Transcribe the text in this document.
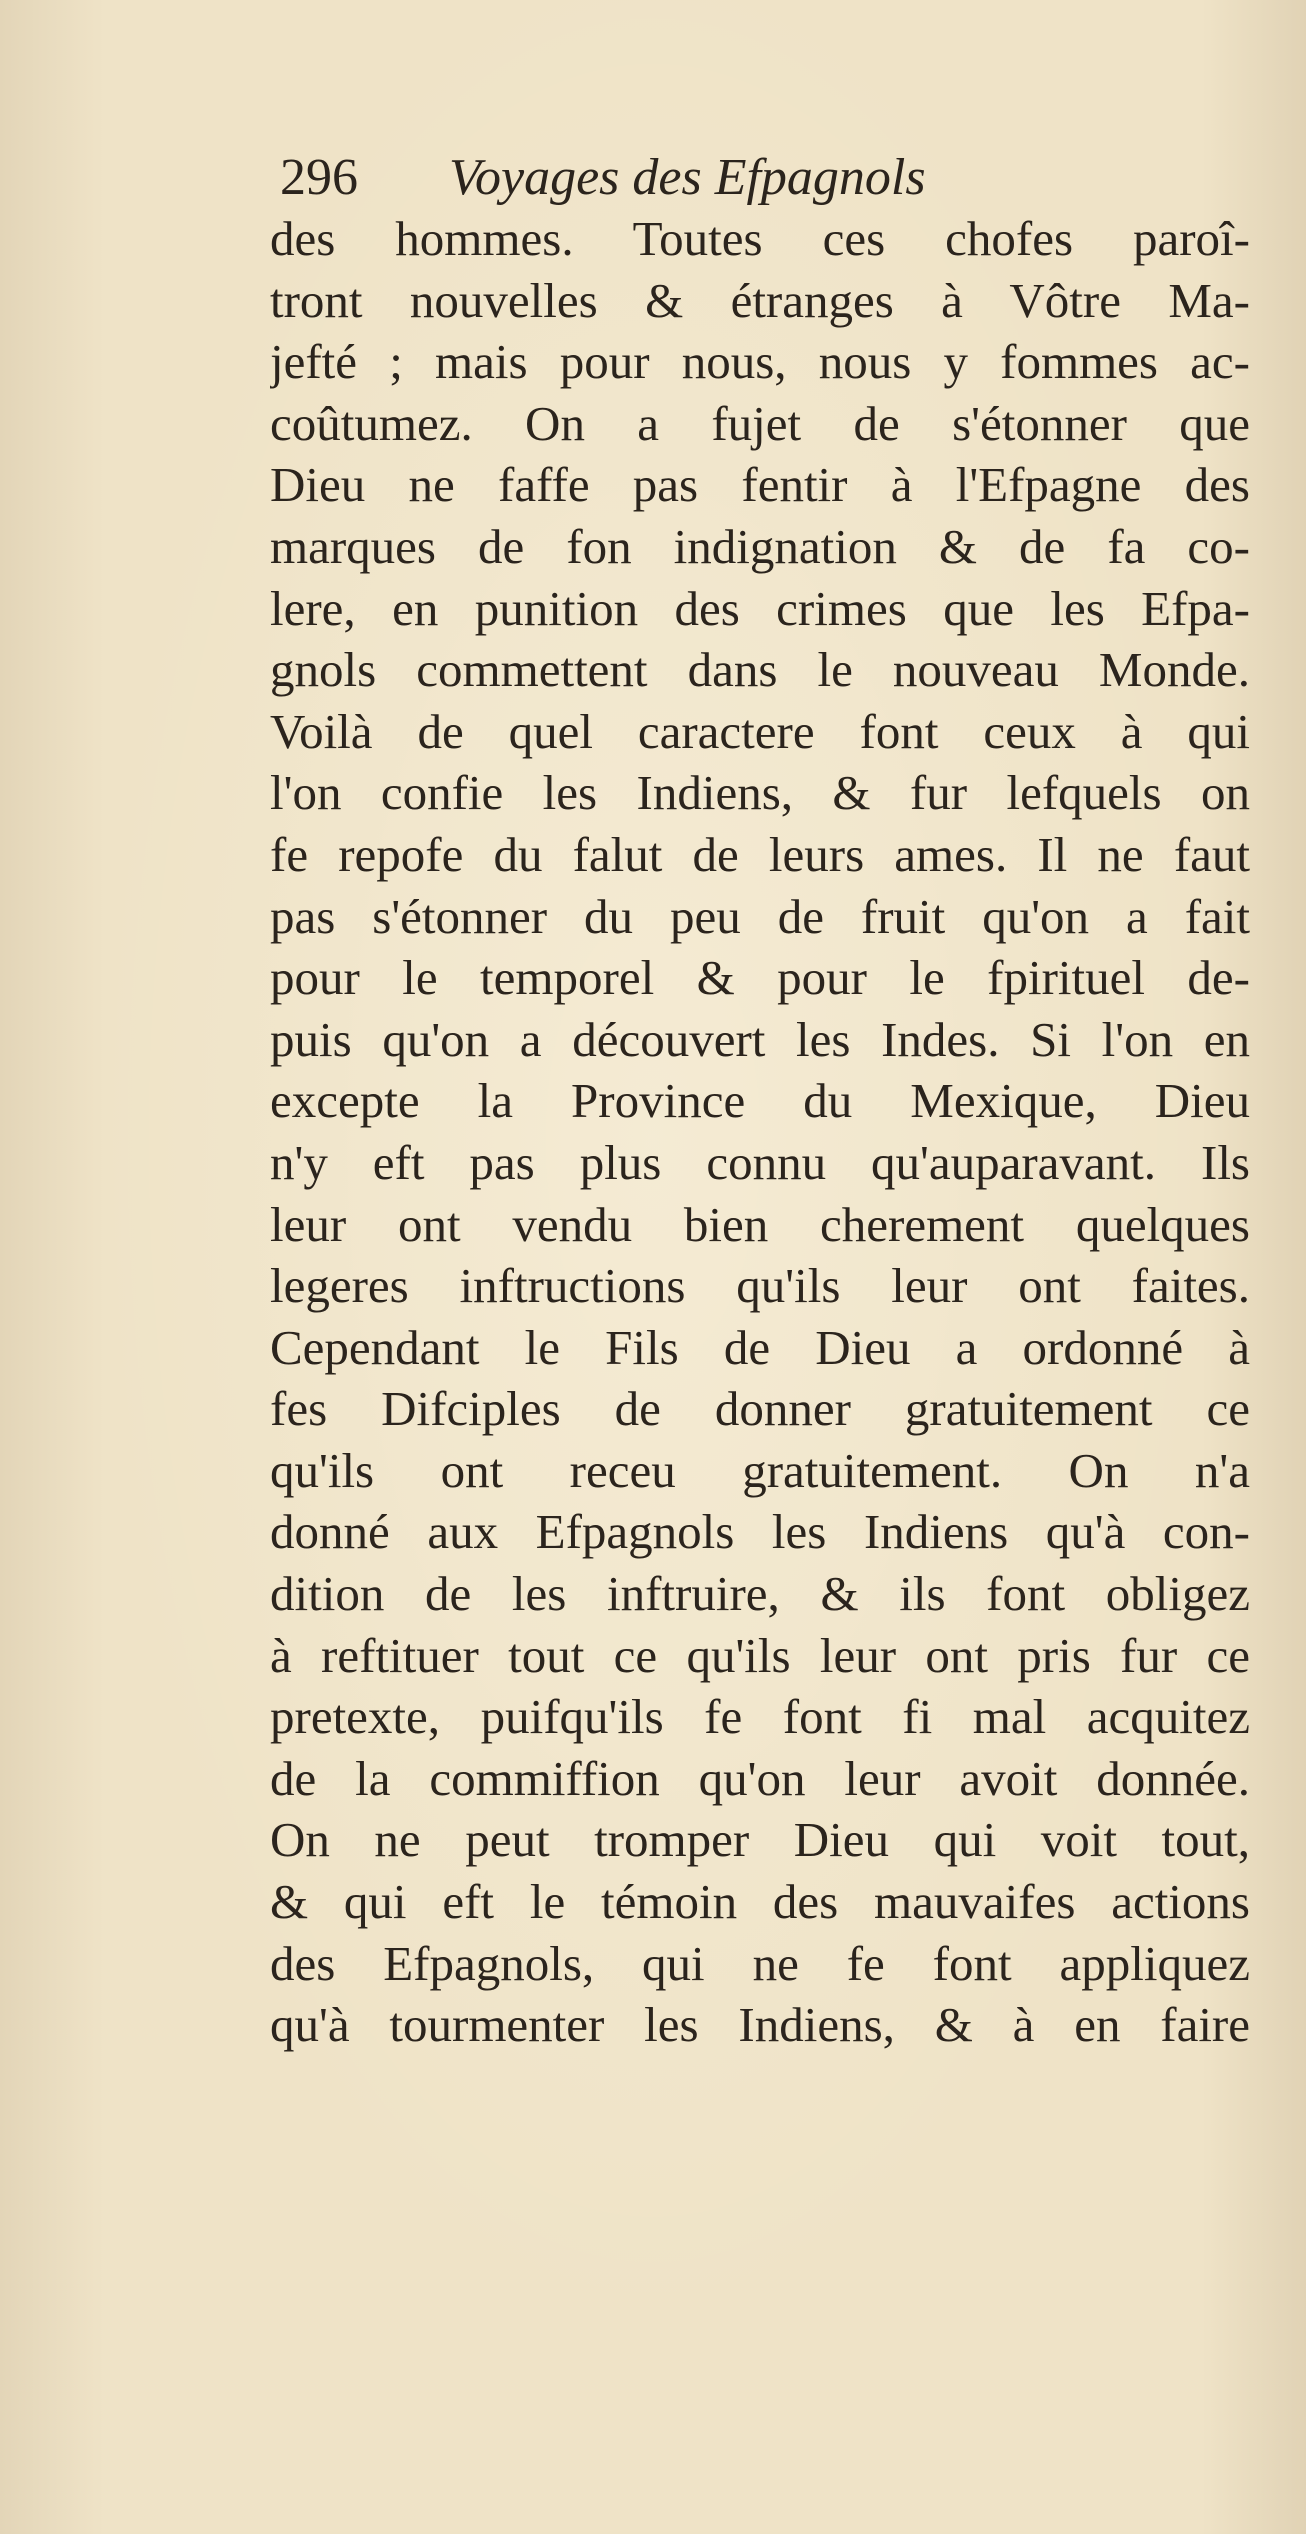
296 Voyages des Efpagnols
des hommes. Toutes ces chofes paroî-
tront nouvelles & étranges à Vôtre Ma-
jefté ; mais pour nous, nous y fommes ac-
coûtumez. On a fujet de s'étonner que
Dieu ne faffe pas fentir à l'Efpagne des
marques de fon indignation & de fa co-
lere, en punition des crimes que les Efpa-
gnols commettent dans le nouveau Monde.
Voilà de quel caractere font ceux à qui
l'on confie les Indiens, & fur lefquels on
fe repofe du falut de leurs ames. Il ne faut
pas s'étonner du peu de fruit qu'on a fait
pour le temporel & pour le fpirituel de-
puis qu'on a découvert les Indes. Si l'on en
excepte la Province du Mexique, Dieu
n'y eft pas plus connu qu'auparavant. Ils
leur ont vendu bien cherement quelques
legeres inftructions qu'ils leur ont faites.
Cependant le Fils de Dieu a ordonné à
fes Difciples de donner gratuitement ce
qu'ils ont receu gratuitement. On n'a
donné aux Efpagnols les Indiens qu'à con-
dition de les inftruire, & ils font obligez
à reftituer tout ce qu'ils leur ont pris fur ce
pretexte, puifqu'ils fe font fi mal acquitez
de la commiffion qu'on leur avoit donnée.
On ne peut tromper Dieu qui voit tout,
& qui eft le témoin des mauvaifes actions
des Efpagnols, qui ne fe font appliquez
qu'à tourmenter les Indiens, & à en faire
